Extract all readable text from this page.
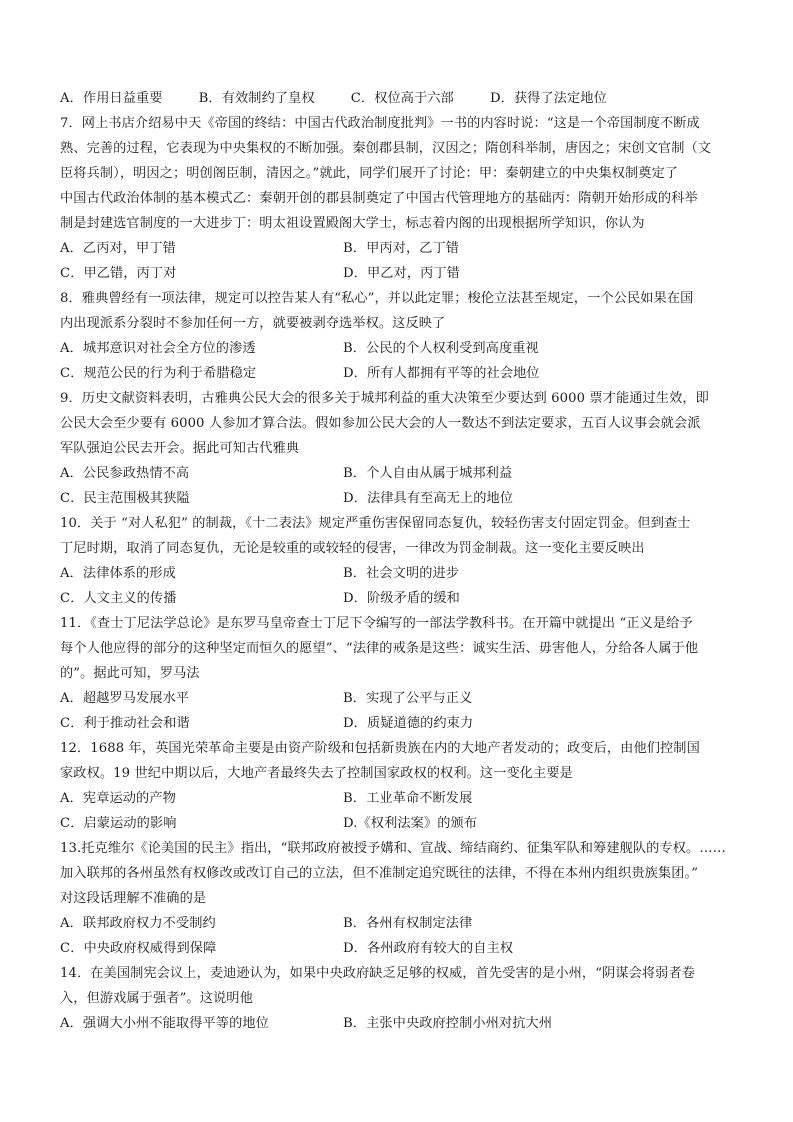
A．作用日益重要	B．有效制约了皇权	C．权位高于六部	D．获得了法定地位
7．网上书店介绍易中天《帝国的终结：中国古代政治制度批判》一书的内容时说：“这是一个帝国制度不断成
熟、完善的过程，它表现为中央集权的不断加强。秦创郡县制，汉因之；隋创科举制，唐因之；宋创文官制（文
臣将兵制），明因之；明创阁臣制，清因之。”就此，同学们展开了讨论：甲：秦朝建立的中央集权制奠定了
中国古代政治体制的基本模式乙：秦朝开创的郡县制奠定了中国古代管理地方的基础丙：隋朝开始形成的科举
制是封建选官制度的一大进步丁：明太祖设置殿阁大学士，标志着内阁的出现根据所学知识，你认为
A．乙丙对，甲丁错	B．甲丙对，乙丁错
C．甲乙错，丙丁对	D．甲乙对，丙丁错
8．雅典曾经有一项法律，规定可以控告某人有“私心”，并以此定罪；梭伦立法甚至规定，一个公民如果在国
内出现派系分裂时不参加任何一方，就要被剥夺选举权。这反映了
A．城邦意识对社会全方位的渗透	B．公民的个人权利受到高度重视
C．规范公民的行为利于希腊稳定	D．所有人都拥有平等的社会地位
9．历史文献资料表明，古雅典公民大会的很多关于城邦利益的重大决策至少要达到 6000 票才能通过生效，即
公民大会至少要有 6000 人参加才算合法。假如参加公民大会的人一数达不到法定要求，五百人议事会就会派
军队强迫公民去开会。据此可知古代雅典
A．公民参政热情不高	B．个人自由从属于城邦利益
C．民主范围极其狭隘	D．法律具有至高无上的地位
10．关于 “对人私犯” 的制裁，《十二表法》规定严重伤害保留同态复仇，较轻伤害支付固定罚金。但到查士
丁尼时期，取消了同态复仇，无论是较重的或较轻的侵害，一律改为罚金制裁。这一变化主要反映出
A．法律体系的形成	B．社会文明的进步
C．人文主义的传播	D．阶级矛盾的缓和
11．《查士丁尼法学总论》是东罗马皇帝查士丁尼下令编写的一部法学教科书。在开篇中就提出 “正义是给予
每个人他应得的部分的这种坚定而恒久的愿望”、“法律的戒条是这些：诚实生活、毋害他人，分给各人属于他
的”。据此可知，罗马法
A．超越罗马发展水平	B．实现了公平与正义
C．利于推动社会和谐	D．质疑道德的约束力
12．1688 年，英国光荣革命主要是由资产阶级和包括新贵族在内的大地产者发动的；政变后，由他们控制国
家政权。19 世纪中期以后，大地产者最终失去了控制国家政权的权利。这一变化主要是
A．宪章运动的产物	B．工业革命不断发展
C．启蒙运动的影响	D.《权利法案》的颁布
13.托克维尔《论美国的民主》指出，“联邦政府被授予媾和、宣战、缔结商约、征集军队和筹建舰队的专权。……
加入联邦的各州虽然有权修改或改订自己的立法，但不准制定追究既往的法律，不得在本州内组织贵族集团。”
对这段话理解不准确的是
A．联邦政府权力不受制约	B．各州有权制定法律
C．中央政府权威得到保障	D．各州政府有较大的自主权
14．在美国制宪会议上，麦迪逊认为，如果中央政府缺乏足够的权威，首先受害的是小州，“阴谋会将弱者卷
入，但游戏属于强者”。这说明他
A．强调大小州不能取得平等的地位	B．主张中央政府控制小州对抗大州
